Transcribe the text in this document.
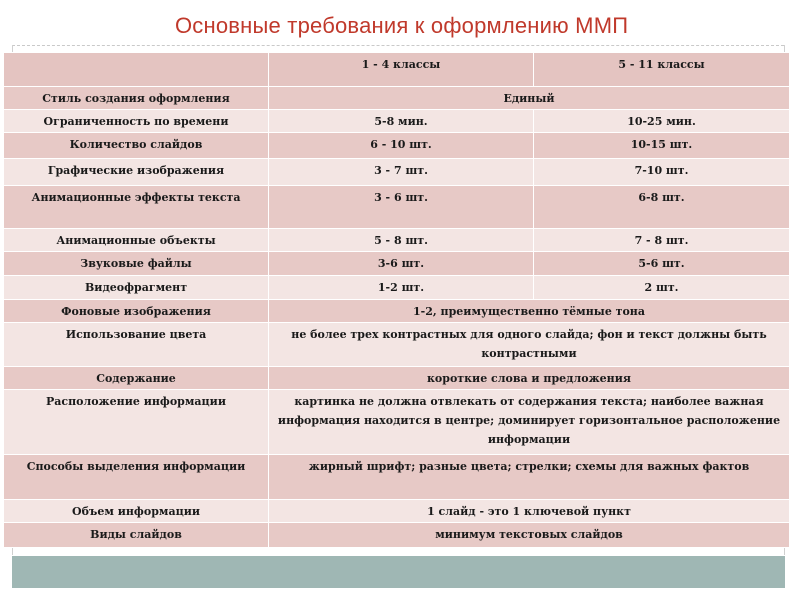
Основные требования к оформлению ММП
	1 - 4 классы	5 - 11 классы
Стиль создания оформления	Единый	
Ограниченность по времени	5-8 мин.	10-25 мин.
Количество слайдов	6 - 10 шт.	10-15 шт.
Графические изображения	3 - 7 шт.	7-10 шт.
Анимационные эффекты текста	3 - 6 шт.	6-8 шт.
Анимационные объекты	5 - 8 шт.	7 - 8 шт.
Звуковые файлы	3-6 шт.	5-6 шт.
Видеофрагмент	1-2 шт.	2 шт.
Фоновые изображения	1-2, преимущественно тёмные тона	
Использование цвета	не более трех контрастных для одного слайда; фон и текст должны быть контрастными	
Содержание	короткие слова и предложения	
Расположение информации	картинка не должна отвлекать от содержания текста; наиболее важная информация находится в центре; доминирует горизонтальное расположение информации	
Способы выделения информации	жирный шрифт; разные цвета; стрелки; схемы для важных фактов	
Объем информации	1 слайд - это 1 ключевой пункт	
Виды слайдов	минимум текстовых слайдов	
